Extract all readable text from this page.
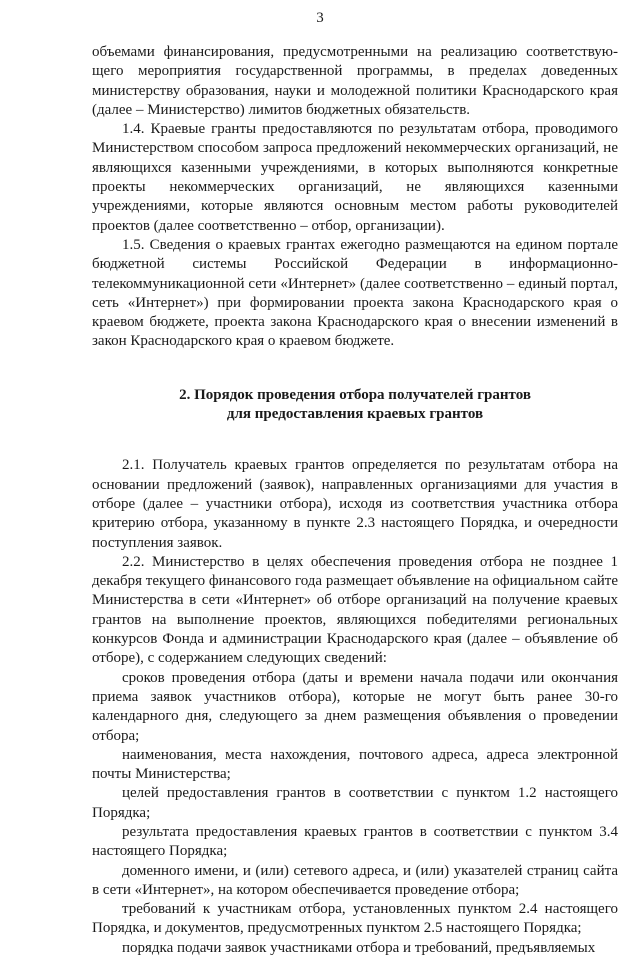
3

объемами финансирования, предусмотренными на реализацию соответствую-щего мероприятия государственной программы, в пределах доведенных министерству образования, науки и молодежной политики Краснодарского края (далее – Министерство) лимитов бюджетных обязательств.

1.4. Краевые гранты предоставляются по результатам отбора, проводимого Министерством способом запроса предложений некоммерческих организаций, не являющихся казенными учреждениями, в которых выполняются конкретные проекты некоммерческих организаций, не являющихся казенными учреждениями, которые являются основным местом работы руководителей проектов (далее соответственно – отбор, организации).

1.5. Сведения о краевых грантах ежегодно размещаются на едином портале бюджетной системы Российской Федерации в информационно-телекоммуникационной сети «Интернет» (далее соответственно – единый портал, сеть «Интернет») при формировании проекта закона Краснодарского края о краевом бюджете, проекта закона Краснодарского края о внесении изменений в закон Краснодарского края о краевом бюджете.

2. Порядок проведения отбора получателей грантов
для предоставления краевых грантов

2.1. Получатель краевых грантов определяется по результатам отбора на основании предложений (заявок), направленных организациями для участия в отборе (далее – участники отбора), исходя из соответствия участника отбора критерию отбора, указанному в пункте 2.3 настоящего Порядка, и очередности поступления заявок.

2.2. Министерство в целях обеспечения проведения отбора не позднее 1 декабря текущего финансового года размещает объявление на официальном сайте Министерства в сети «Интернет» об отборе организаций на получение краевых грантов на выполнение проектов, являющихся победителями региональных конкурсов Фонда и администрации Краснодарского края (далее – объявление об отборе), с содержанием следующих сведений:

сроков проведения отбора (даты и времени начала подачи или окончания приема заявок участников отбора), которые не могут быть ранее 30-го календарного дня, следующего за днем размещения объявления о проведении отбора;

наименования, места нахождения, почтового адреса, адреса электронной почты Министерства;

целей предоставления грантов в соответствии с пунктом 1.2 настоящего Порядка;

результата предоставления краевых грантов в соответствии с пунктом 3.4 настоящего Порядка;

доменного имени, и (или) сетевого адреса, и (или) указателей страниц сайта в сети «Интернет», на котором обеспечивается проведение отбора;

требований к участникам отбора, установленных пунктом 2.4 настоящего Порядка, и документов, предусмотренных пунктом 2.5 настоящего Порядка;

порядка подачи заявок участниками отбора и требований, предъявляемых
